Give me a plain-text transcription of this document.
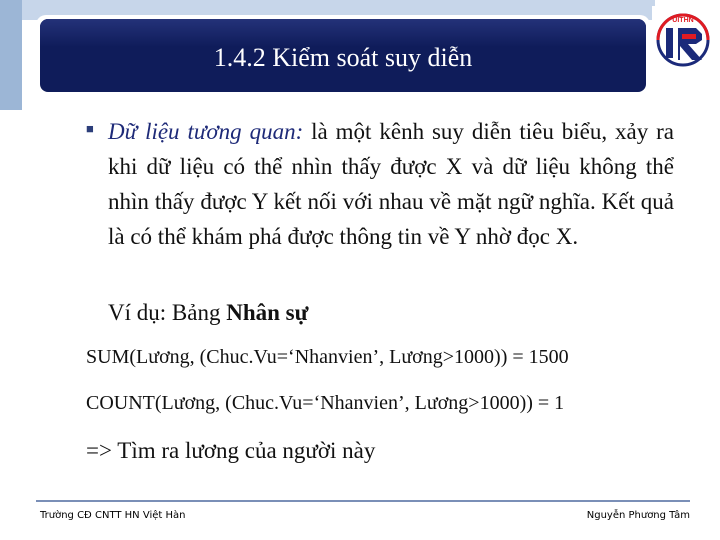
1.4.2 Kiểm soát suy diễn
UITHN

■ Dữ liệu tương quan: là một kênh suy diễn tiêu biểu, xảy ra khi dữ liệu có thể nhìn thấy được X và dữ liệu không thể nhìn thấy được Y kết nối với nhau về mặt ngữ nghĩa. Kết quả là có thể khám phá được thông tin về Y nhờ đọc X.

Ví dụ: Bảng Nhân sự
SUM(Lương, (Chuc.Vu=‘Nhanvien’, Lương>1000)) = 1500
COUNT(Lương, (Chuc.Vu=‘Nhanvien’, Lương>1000)) = 1
=> Tìm ra lương của người này
Trường CĐ CNTT HN Việt Hàn	Nguyễn Phương Tâm
